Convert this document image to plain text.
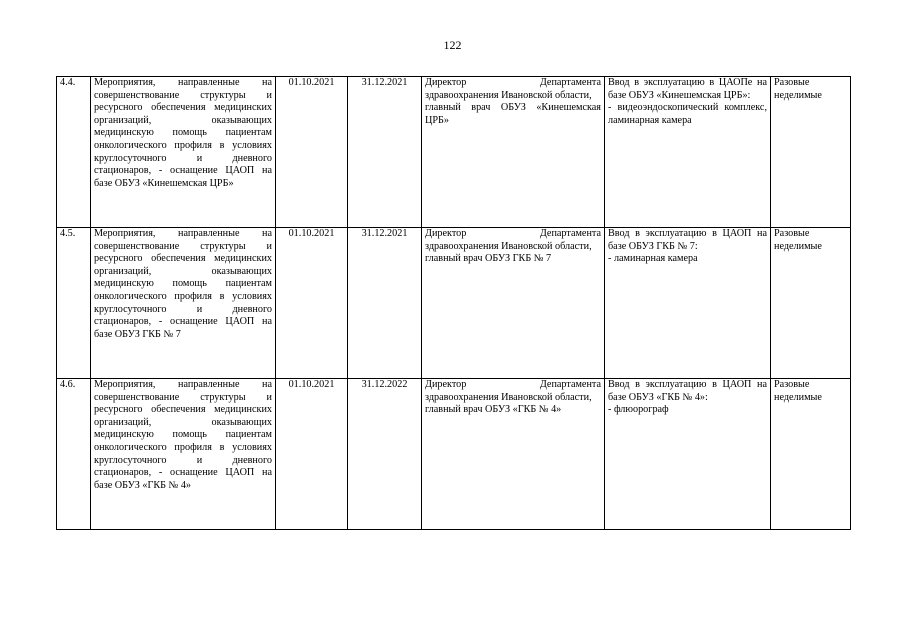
122
4.4.	Мероприятия, направленные на совершенствование структуры и ресурсного обеспечения медицинских организаций, оказывающих медицинскую помощь пациентам онкологического профиля в условиях круглосуточного и дневного стационаров, - оснащение ЦАОП на базе ОБУЗ «Кинешемская ЦРБ»	01.10.2021	31.12.2021	Директор Департамента здравоохранения Ивановской области,
главный врач ОБУЗ «Кинешемская ЦРБ»	Ввод в эксплуатацию в ЦАОПе на базе ОБУЗ «Кинешемская ЦРБ»:
- видеоэндоскопический комплекс, ламинарная камера	Разовые неделимые
4.5.	Мероприятия, направленные на совершенствование структуры и ресурсного обеспечения медицинских организаций, оказывающих медицинскую помощь пациентам онкологического профиля в условиях круглосуточного и дневного стационаров, - оснащение ЦАОП на базе ОБУЗ ГКБ № 7	01.10.2021	31.12.2021	Директор Департамента здравоохранения Ивановской области,
главный врач ОБУЗ ГКБ № 7	Ввод в эксплуатацию в ЦАОП на базе ОБУЗ ГКБ № 7:
- ламинарная камера	Разовые неделимые
4.6.	Мероприятия, направленные на совершенствование структуры и ресурсного обеспечения медицинских организаций, оказывающих медицинскую помощь пациентам онкологического профиля в условиях круглосуточного и дневного стационаров, - оснащение ЦАОП на базе ОБУЗ «ГКБ № 4»	01.10.2021	31.12.2022	Директор Департамента здравоохранения Ивановской области,
главный врач ОБУЗ «ГКБ № 4»	Ввод в эксплуатацию в ЦАОП на базе ОБУЗ «ГКБ № 4»:
- флюорограф	Разовые неделимые
